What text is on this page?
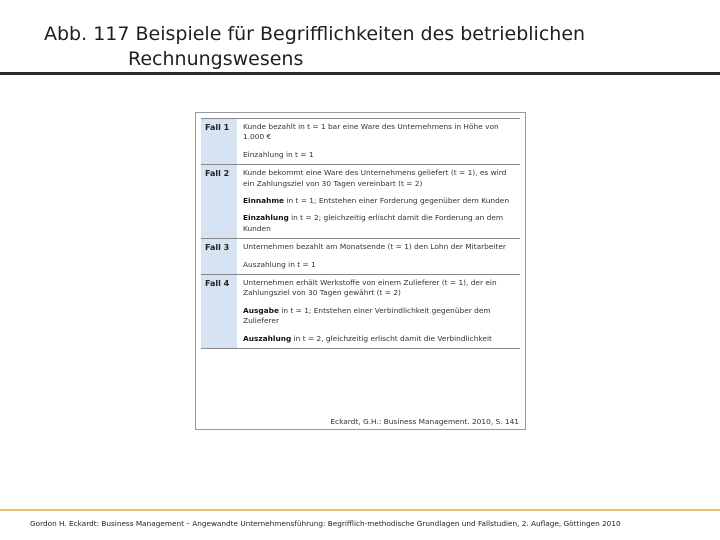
Abb. 117 Beispiele für Begrifflichkeiten des betrieblichen
Rechnungswesens
Fall 1	Kunde bezahlt in t = 1 bar eine Ware des Unternehmens in Höhe von 1.000 €

Einzahlung in t = 1

Fall 2	Kunde bekommt eine Ware des Unternehmens geliefert (t = 1), es wird ein Zahlungsziel von 30 Tagen vereinbart (t = 2)

Einnahme in t = 1; Entstehen einer Forderung gegenüber dem Kunden

Einzahlung in t = 2; gleichzeitig erlischt damit die Forderung an dem Kunden

Fall 3	Unternehmen bezahlt am Monatsende (t = 1) den Lohn der Mitarbeiter

Auszahlung in t = 1

Fall 4	Unternehmen erhält Werkstoffe von einem Zulieferer (t = 1), der ein Zahlungsziel von 30 Tagen gewährt (t = 2)

Ausgabe in t = 1; Entstehen einer Verbindlichkeit gegenüber dem Zulieferer

Auszahlung in t = 2, gleichzeitig erlischt damit die Verbindlichkeit

Eckardt, G.H.: Business Management. 2010, S. 141
Gordon H. Eckardt: Business Management – Angewandte Unternehmensführung: Begrifflich-methodische Grundlagen und Fallstudien, 2. Auflage, Göttingen 2010
